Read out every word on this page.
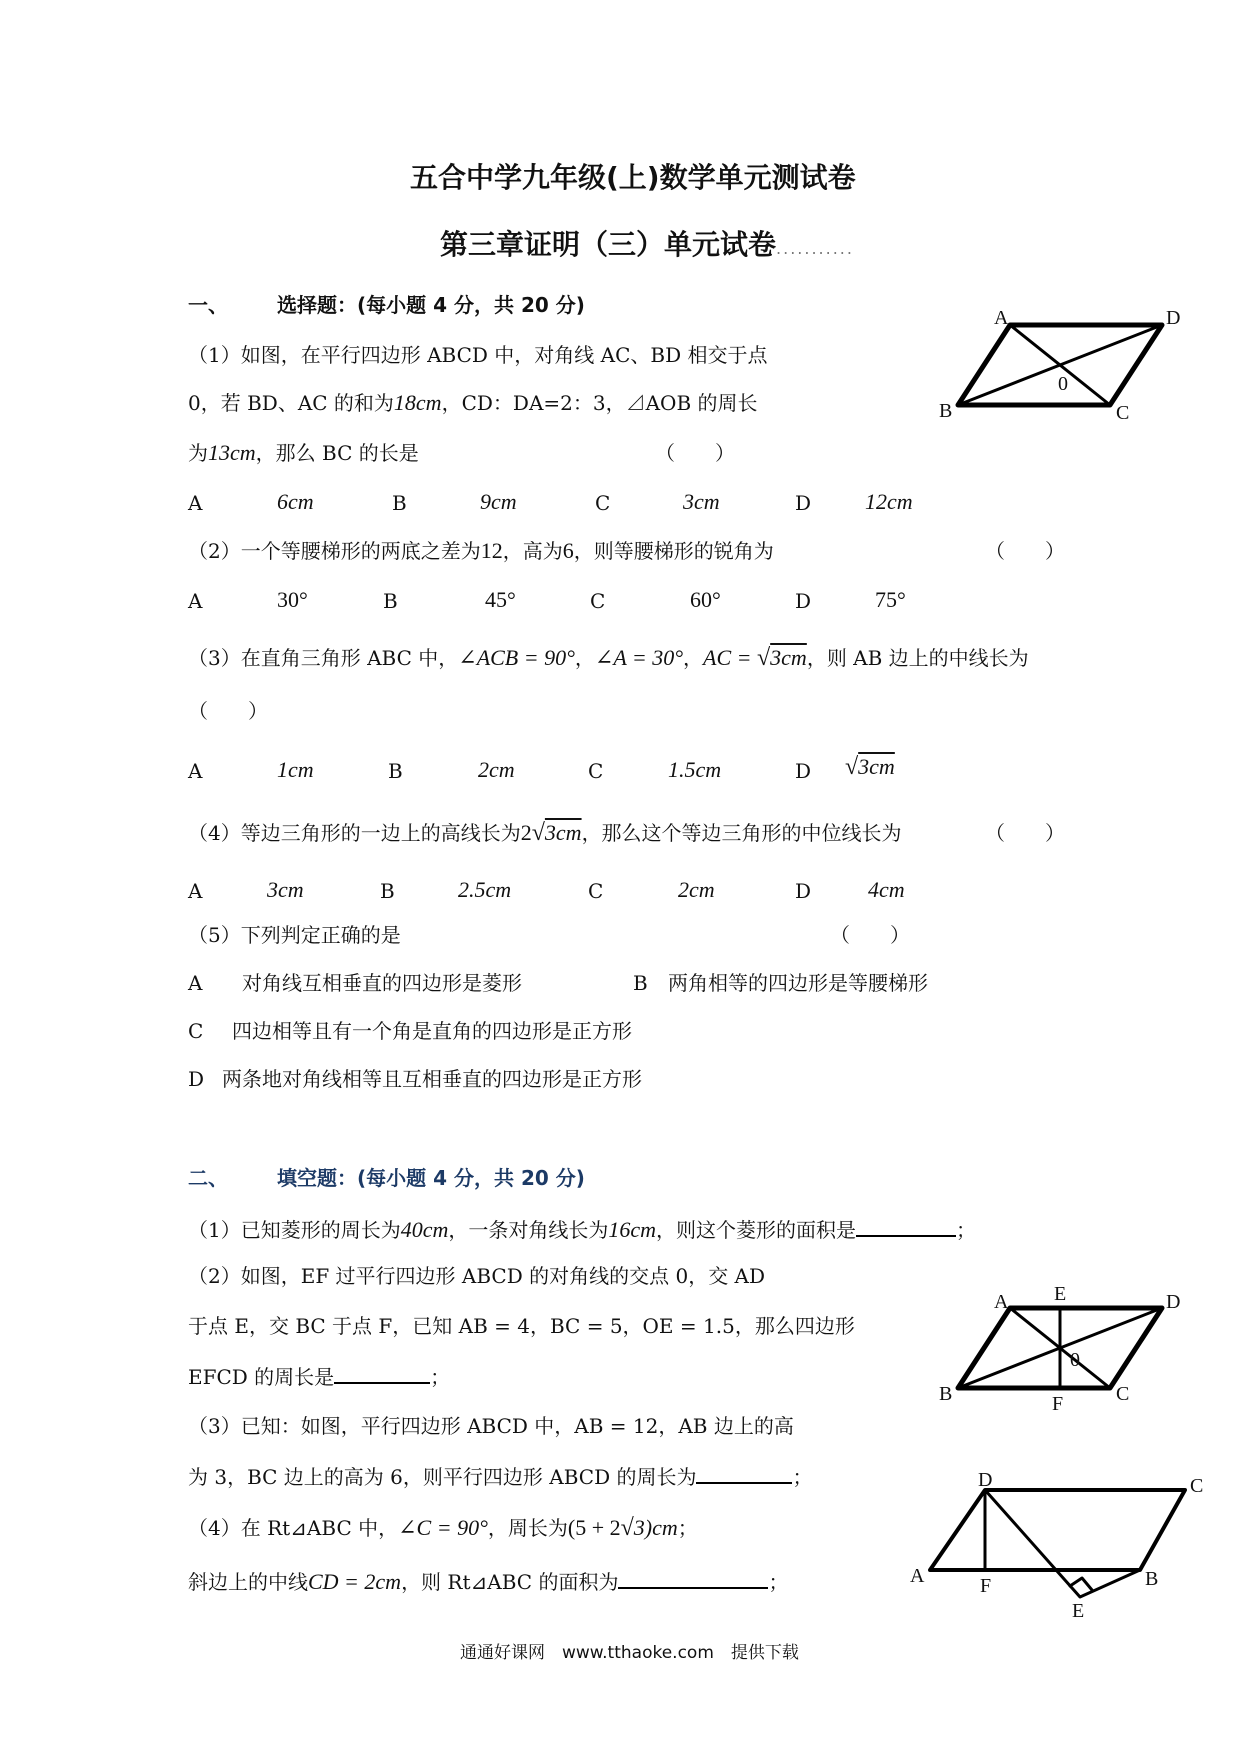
五合中学九年级(上)数学单元测试卷
第三章证明（三）单元试卷...........
一、 选择题：(每小题 4 分，共 20 分)
（1）如图，在平行四边形 ABCD 中，对角线 AC、BD 相交于点
0，若 BD、AC 的和为18cm，CD：DA=2：3，⊿AOB 的周长
为13cm，那么 BC 的长是	（　　）
A	6cm	B	9cm	C	3cm	D 12cm
（2）一个等腰梯形的两底之差为12，高为6，则等腰梯形的锐角为	（　　）
A	30°	B	45°	C	60°	D	75°
（3）在直角三角形 ABC 中，∠ACB = 90°，∠A = 30°，AC = √3cm，则 AB 边上的中线长为
（　　）
A	1cm	B	2cm	C	1.5cm	D √3cm
（4）等边三角形的一边上的高线长为2√3cm，那么这个等边三角形的中位线长为	（　　）
A	3cm	B	2.5cm	C	2cm	D	4cm
（5）下列判定正确的是	（　　）
A 对角线互相垂直的四边形是菱形	B 两角相等的四边形是等腰梯形
C 四边相等且有一个角是直角的四边形是正方形
D 两条地对角线相等且互相垂直的四边形是正方形
二、 填空题：(每小题 4 分，共 20 分)
（1）已知菱形的周长为40cm，一条对角线长为16cm，则这个菱形的面积是	；
（2）如图，EF 过平行四边形 ABCD 的对角线的交点 0，交 AD
于点 E，交 BC 于点 F，已知 AB = 4，BC = 5，OE = 1.5，那么四边形
EFCD 的周长是	；
（3）已知：如图，平行四边形 ABCD 中，AB = 12，AB 边上的高
为 3，BC 边上的高为 6，则平行四边形 ABCD 的周长为	；
（4）在 Rt⊿ABC 中，∠C = 90°，周长为(5 + 2√3)cm；
斜边上的中线CD = 2cm，则 Rt⊿ABC 的面积为	；
A	D
B	C
0
A E	D
0
B	F	C
D	C
A	F	B
E
通通好课网　www.tthaoke.com　提供下载
